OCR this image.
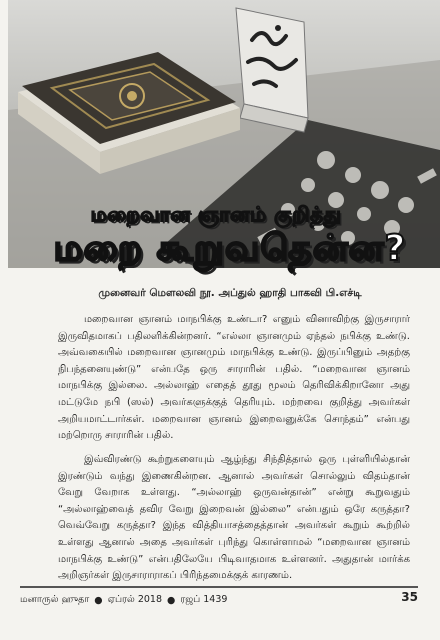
மறைவான ஞானம் குறித்து
மறை கூறுவதென்ன?
முனைவர் மௌலவி நூ. அப்துல் ஹாதி பாகவி பி.எச்டி

மறைவான ஞானம் மாநபிக்கு உண்டா? எனும் வினாவிற்கு இருசாரார் இருவிதமாகப் பதிலளிக்கின்றனர். “எல்லா ஞானமும் ஏந்தல் நபிக்கு உண்டு. அவ்வகையில் மறைவான ஞானமும் மாநபிக்கு உண்டு. இருப்பினும் அதற்கு நிபந்தனையுண்டு” என்பதே ஒரு சாராரின் பதில். “மறைவான ஞானம் மாநபிக்கு இல்லை. அல்லாஹ் எதைத் தூது மூலம் தெரிவிக்கிறானோ அது மட்டுமே நபி (ஸல்) அவர்களுக்குத் தெரியும். மற்றவை குறித்து அவர்கள் அறியமாட்டார்கள். மறைவான ஞானம் இறைவனுக்கே சொந்தம்” என்பது மற்றொரு சாராரின் பதில்.

இவ்விரண்டு கூற்றுகளையும் ஆழ்ந்து சிந்தித்தால் ஒரு புள்ளியில்தான் இரண்டும் வந்து இணைகின்றன. ஆனால் அவர்கள் சொல்லும் விதம்தான் வேறு வேறாக உள்ளது. “அல்லாஹ் ஒருவன்தான்” என்று கூறுவதும் “அல்லாஹ்வைத் தவிர வேறு இறைவன் இல்லை” என்பதும் ஒரே கருத்தா? வெவ்வேறு கருத்தா? இந்த வித்தியாசத்தைத்தான் அவர்கள் கூறும் கூற்றில் உள்ளது ஆனால் அதை அவர்கள் புரிந்து கொள்ளாமல் “மறைவான ஞானம் மாநபிக்கு உண்டு” என்பதிலேயே பிடிவாதமாக உள்ளனர். அதுதான் மார்க்க அறிஞர்கள் இருசாராராகப் பிரிந்தமைக்குக் காரணம்.

மனாருல் ஹுதா ● ஏப்ரல் 2018 ● ரஜப் 1439	35
